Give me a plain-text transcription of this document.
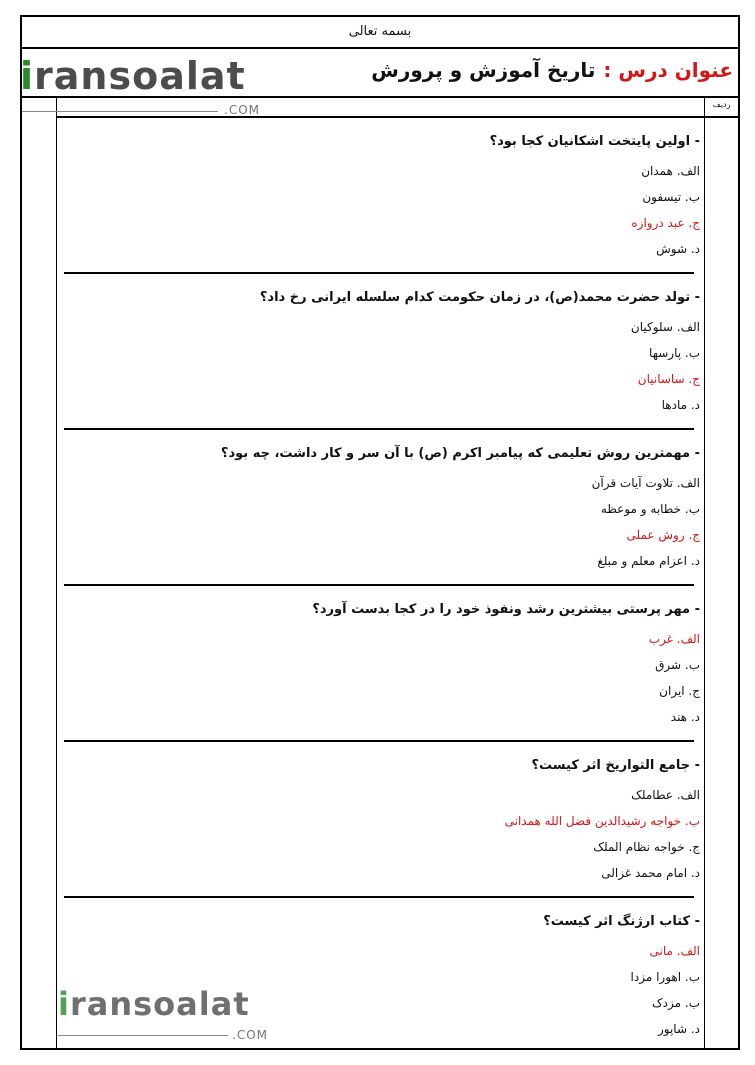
بسمه تعالی
عنوان درس :تاریخ آموزش و پرورش
ردیف
iransoalat
.COM
- اولین پایتخت اشکانیان کجا بود؟
الف. همدان
ب. تیسفون
ج. عبد دروازه
د. شوش
- تولد حضرت محمد(ص)، در زمان حکومت کدام سلسله ایرانی رخ داد؟
الف. سلوکیان
ب. پارسها
ج. ساسانیان
د. مادها
- مهمترین روش تعلیمی که پیامبر اکرم (ص) با آن سر و کار داشت، چه بود؟
الف. تلاوت آیات قرآن
ب. خطابه و موعظه
ج. روش عملی
د. اعزام معلم و مبلغ
- مهر پرستی بیشترین رشد ونفوذ خود را در کجا بدست آورد؟
الف. غرب
ب. شرق
ج. ایران
د. هند
- جامع التواریخ اثر کیست؟
الف. عطاملک
ب. خواجه رشیدالدین فضل الله همدانی
ج. خواجه نظام الملک
د. امام محمد غزالی
- کتاب ارژنگ اثر کیست؟
الف. مانی
ب. اهورا مزدا
ب. مزدک
د. شاپور
iransoalat
.COM
